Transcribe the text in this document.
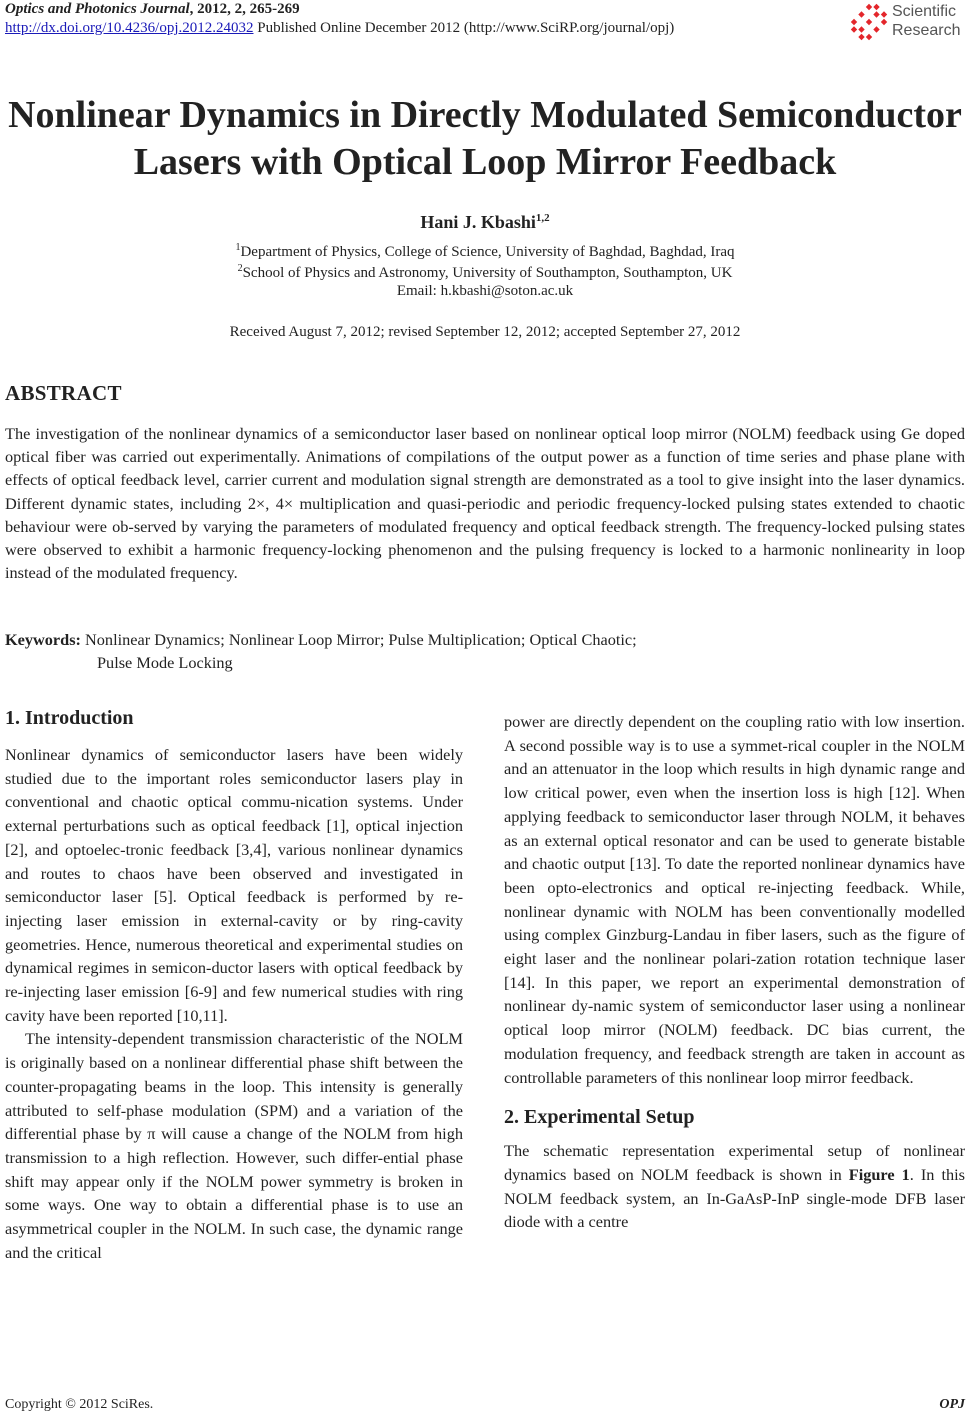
Optics and Photonics Journal, 2012, 2, 265-269
http://dx.doi.org/10.4236/opj.2012.24032 Published Online December 2012 (http://www.SciRP.org/journal/opj)
Scientific
Research
Nonlinear Dynamics in Directly Modulated Semiconductor
Lasers with Optical Loop Mirror Feedback
Hani J. Kbashi$^{1,2}$
$^1$Department of Physics, College of Science, University of Baghdad, Baghdad, Iraq
$^2$School of Physics and Astronomy, University of Southampton, Southampton, UK
Email: h.kbashi@soton.ac.uk
Received August 7, 2012; revised September 12, 2012; accepted September 27, 2012
ABSTRACT
The investigation of the nonlinear dynamics of a semiconductor laser based on nonlinear optical loop mirror (NOLM) feedback using Ge doped optical fiber was carried out experimentally. Animations of compilations of the output power as a function of time series and phase plane with effects of optical feedback level, carrier current and modulation signal strength are demonstrated as a tool to give insight into the laser dynamics. Different dynamic states, including 2×, 4× multiplication and quasi-periodic and periodic frequency-locked pulsing states extended to chaotic behaviour were ob-served by varying the parameters of modulated frequency and optical feedback strength. The frequency-locked pulsing states were observed to exhibit a harmonic frequency-locking phenomenon and the pulsing frequency is locked to a harmonic nonlinearity in loop instead of the modulated frequency.
Keywords: Nonlinear Dynamics; Nonlinear Loop Mirror; Pulse Multiplication; Optical Chaotic;
Pulse Mode Locking

1. Introduction

Nonlinear dynamics of semiconductor lasers have been widely studied due to the important roles semiconductor lasers play in conventional and chaotic optical commu-nication systems. Under external perturbations such as optical feedback [1], optical injection [2], and optoelec-tronic feedback [3,4], various nonlinear dynamics and routes to chaos have been observed and investigated in semiconductor laser [5]. Optical feedback is performed by re-injecting laser emission in external-cavity or by ring-cavity geometries. Hence, numerous theoretical and experimental studies on dynamical regimes in semicon-ductor lasers with optical feedback by re-injecting laser emission [6-9] and few numerical studies with ring cavity have been reported [10,11].

The intensity-dependent transmission characteristic of the NOLM is originally based on a nonlinear differential phase shift between the counter-propagating beams in the loop. This intensity is generally attributed to self-phase modulation (SPM) and a variation of the differential phase by π will cause a change of the NOLM from high transmission to a high reflection. However, such differ-ential phase shift may appear only if the NOLM power symmetry is broken in some ways. One way to obtain a differential phase is to use an asymmetrical coupler in the NOLM. In such case, the dynamic range and the critical

power are directly dependent on the coupling ratio with low insertion. A second possible way is to use a symmet-rical coupler in the NOLM and an attenuator in the loop which results in high dynamic range and low critical power, even when the insertion loss is high [12]. When applying feedback to semiconductor laser through NOLM, it behaves as an external optical resonator and can be used to generate bistable and chaotic output [13]. To date the reported nonlinear dynamics have been opto-electronics and optical re-injecting feedback. While, nonlinear dynamic with NOLM has been conventionally modelled using complex Ginzburg-Landau in fiber lasers, such as the figure of eight laser and the nonlinear polari-zation rotation technique laser [14]. In this paper, we report an experimental demonstration of nonlinear dy-namic system of semiconductor laser using a nonlinear optical loop mirror (NOLM) feedback. DC bias current, the modulation frequency, and feedback strength are taken in account as controllable parameters of this nonlinear loop mirror feedback.

2. Experimental Setup

The schematic representation experimental setup of nonlinear dynamics based on NOLM feedback is shown in Figure 1. In this NOLM feedback system, an In-GaAsP-InP single-mode DFB laser diode with a centre

Copyright © 2012 SciRes.	OPJ
